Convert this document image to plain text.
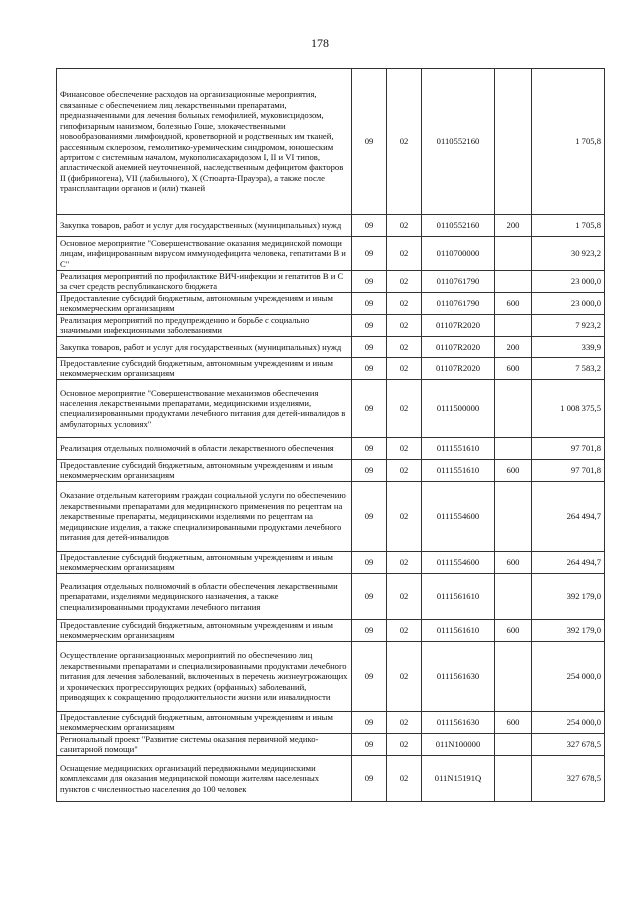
178
Финансовое обеспечение расходов на организационные мероприятия, связанные с обеспечением лиц лекарственными препаратами, предназначенными для лечения больных гемофилией, муковисцидозом, гипофизарным нанизмом, болезнью Гоше, злокачественными новообразованиями лимфоидной, кроветворной и родственных им тканей, рассеянным склерозом, гемолитико-уремическим синдромом, юношеским артритом с системным началом, мукополисахаридозом I, II и VI типов, апластической анемией неуточненной, наследственным дефицитом факторов II (фибриногена), VII (лабильного), X (Стюарта-Прауэра), а также после трансплантации органов и (или) тканей	09	02	0110552160		1 705,8
Закупка товаров, работ и услуг для государственных (муниципальных) нужд	09	02	0110552160	200	1 705,8
Основное мероприятие "Совершенствование оказания медицинской помощи лицам, инфицированным вирусом иммунодефицита человека, гепатитами B и C"	09	02	0110700000		30 923,2
Реализация мероприятий по профилактике ВИЧ-инфекции и гепатитов B и C за счет средств республиканского бюджета	09	02	0110761790		23 000,0
Предоставление субсидий бюджетным, автономным учреждениям и иным некоммерческим организациям	09	02	0110761790	600	23 000,0
Реализация мероприятий по предупреждению и борьбе с социально значимыми инфекционными заболеваниями	09	02	01107R2020		7 923,2
Закупка товаров, работ и услуг для государственных (муниципальных) нужд	09	02	01107R2020	200	339,9
Предоставление субсидий бюджетным, автономным учреждениям и иным некоммерческим организациям	09	02	01107R2020	600	7 583,2
Основное мероприятие "Совершенствование механизмов обеспечения населения лекарственными препаратами, медицинскими изделиями, специализированными продуктами лечебного питания для детей-инвалидов в амбулаторных условиях"	09	02	0111500000		1 008 375,5
Реализация отдельных полномочий в области лекарственного обеспечения	09	02	0111551610		97 701,8
Предоставление субсидий бюджетным, автономным учреждениям и иным некоммерческим организациям	09	02	0111551610	600	97 701,8
Оказание отдельным категориям граждан социальной услуги по обеспечению лекарственными препаратами для медицинского применения по рецептам на лекарственные препараты, медицинскими изделиями по рецептам на медицинские изделия, а также специализированными продуктами лечебного питания для детей-инвалидов	09	02	0111554600		264 494,7
Предоставление субсидий бюджетным, автономным учреждениям и иным некоммерческим организациям	09	02	0111554600	600	264 494,7
Реализация отдельных полномочий в области обеспечения лекарственными препаратами, изделиями медицинского назначения, а также специализированными продуктами лечебного питания	09	02	0111561610		392 179,0
Предоставление субсидий бюджетным, автономным учреждениям и иным некоммерческим организациям	09	02	0111561610	600	392 179,0
Осуществление организационных мероприятий по обеспечению лиц лекарственными препаратами и специализированными продуктами лечебного питания для лечения заболеваний, включенных в перечень жизнеугрожающих и хронических прогрессирующих редких (орфанных) заболеваний, приводящих к сокращению продолжительности жизни или инвалидности	09	02	0111561630		254 000,0
Предоставление субсидий бюджетным, автономным учреждениям и иным некоммерческим организациям	09	02	0111561630	600	254 000,0
Региональный проект "Развитие системы оказания первичной медико-санитарной помощи"	09	02	011N100000		327 678,5
Оснащение медицинских организаций передвижными медицинскими комплексами для оказания медицинской помощи жителям населенных пунктов с численностью населения до 100 человек	09	02	011N15191Q		327 678,5
